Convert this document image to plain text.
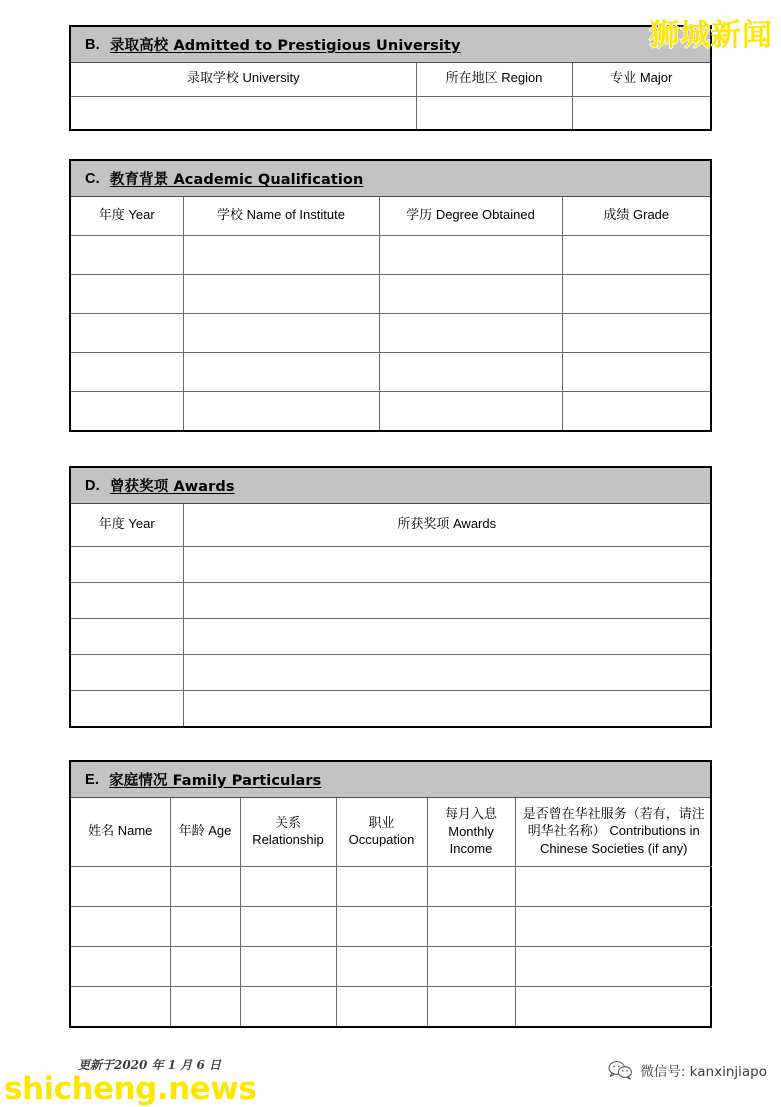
B. 录取高校 Admitted to Prestigious University
录取学校 University	所在地区 Region	专业 Major

C. 教育背景 Academic Qualification
年度 Year	学校 Name of Institute	学历 Degree Obtained	成绩 Grade

D. 曾获奖项 Awards
年度 Year	所获奖项 Awards

E. 家庭情况 Family Particulars
姓名 Name	年龄 Age	关系 Relationship	职业 Occupation	每月入息 Monthly Income	是否曾在华社服务（若有，请注明华社名称） Contributions in Chinese Societies (if any)

更新于2020 年 1 月 6 日	微信号: kanxinjiapo
狮城新闻
shicheng.news
